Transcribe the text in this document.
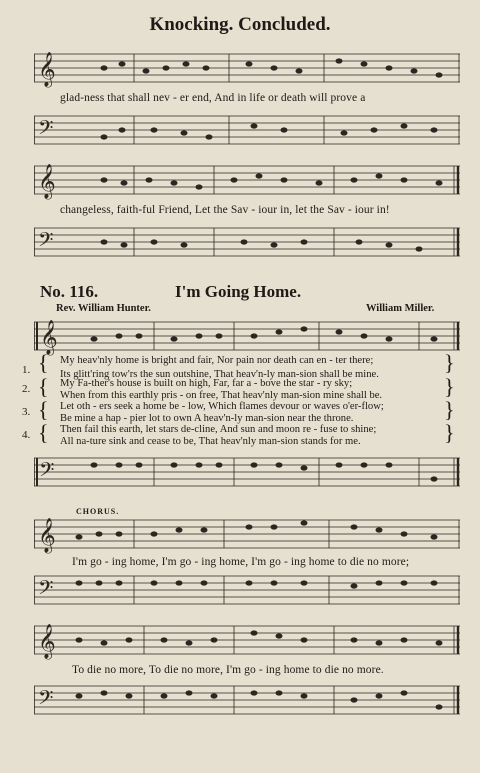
Knocking. Concluded.
𝄞
glad-ness that shall nev - er end, And in life or death will prove a
𝄢
𝄞
changeless, faith-ful Friend, Let the Sav - iour in, let the Sav - iour in!
𝄢
No. 116.	I'm Going Home.
Rev. William Hunter.	William Miller.
𝄞
1.
My heav'nly home is bright and fair, Nor pain nor death can en - ter there;
Its glitt'ring tow'rs the sun outshine, That heav'n-ly man-sion shall be mine.
2.	My Fa-ther's house is built on high, Far, far a - bove the star - ry sky;
When from this earthly pris - on free, That heav'nly man-sion mine shall be.
3.	Let oth - ers seek a home be - low, Which flames devour or waves o'er-flow;
Be mine a hap - pier lot to own A heav'n-ly man-sion near the throne.
4.	Then fail this earth, let stars de-cline, And sun and moon re - fuse to shine;
All na-ture sink and cease to be, That heav'nly man-sion stands for me.
{
{
{
{
}
}
}
}
𝄢
CHORUS.
𝄞
I'm go - ing home, I'm go - ing home, I'm go - ing home to die no more;
𝄢
𝄞
To die no more, To die no more, I'm go - ing home to die no more.
𝄢
